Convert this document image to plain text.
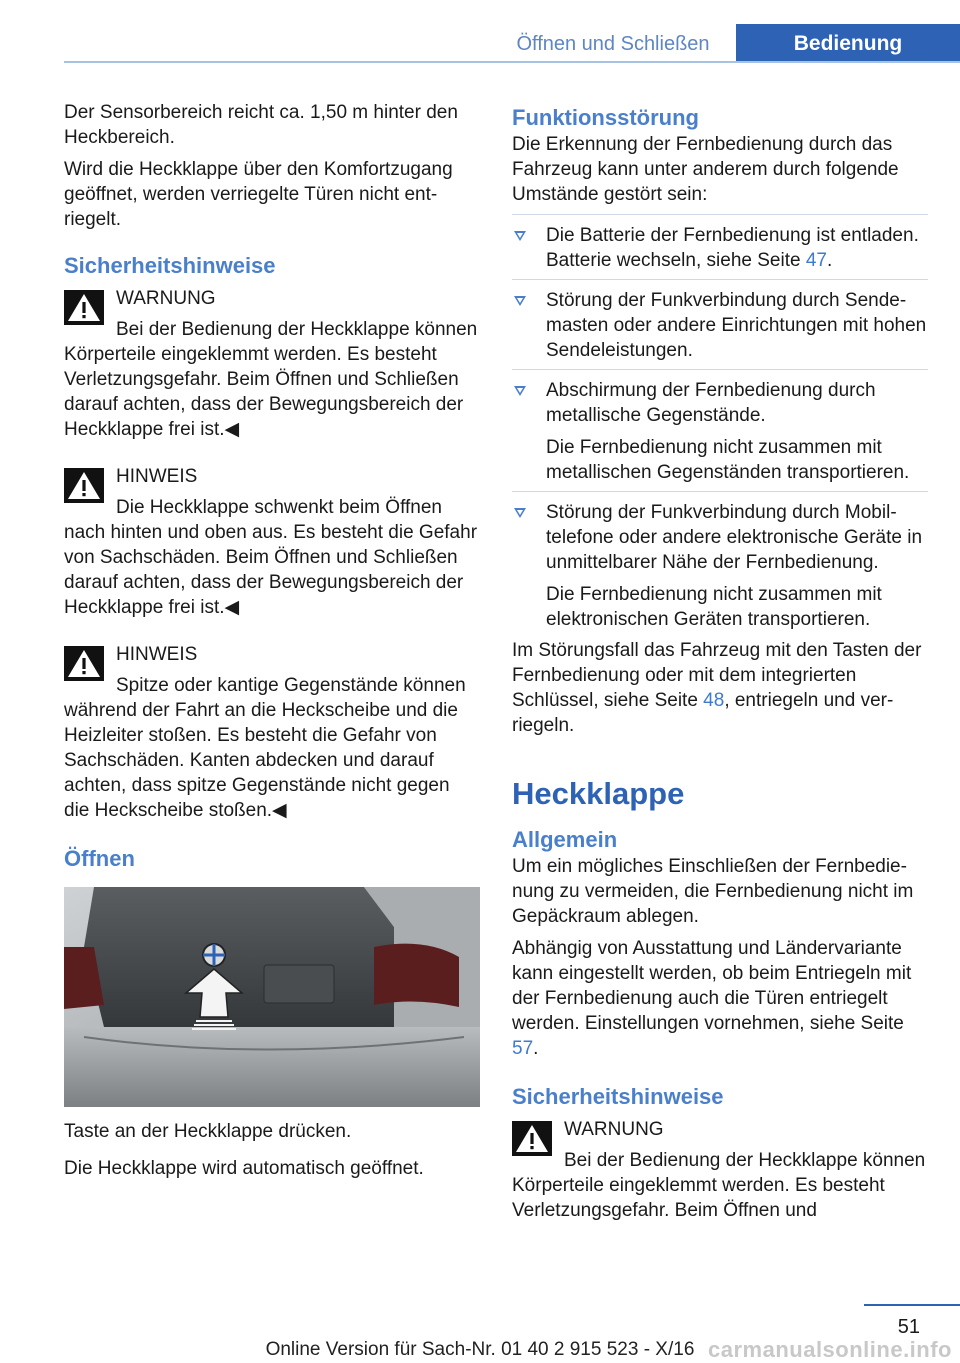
Öffnen und Schließen	Bedienung

Der Sensorbereich reicht ca. 1,50 m hinter den Heckbereich.

Wird die Heckklappe über den Komfortzugang geöffnet, werden verriegelte Türen nicht entriegelt.

Sicherheitshinweise

WARNUNG

Bei der Bedienung der Heckklappe können Körperteile eingeklemmt werden. Es besteht Verletzungsgefahr. Beim Öffnen und Schließen darauf achten, dass der Bewegungsbereich der Heckklappe frei ist.◀

HINWEIS

Die Heckklappe schwenkt beim Öffnen nach hinten und oben aus. Es besteht die Gefahr von Sachschäden. Beim Öffnen und Schließen darauf achten, dass der Bewegungsbereich der Heckklappe frei ist.◀

HINWEIS

Spitze oder kantige Gegenstände können während der Fahrt an die Heckscheibe und die Heizleiter stoßen. Es besteht die Gefahr von Sachschäden. Kanten abdecken und darauf achten, dass spitze Gegenstände nicht gegen die Heckscheibe stoßen.◀

Öffnen

Taste an der Heckklappe drücken.

Die Heckklappe wird automatisch geöffnet.

Funktionsstörung

Die Erkennung der Fernbedienung durch das Fahrzeug kann unter anderem durch folgende Umstände gestört sein:

Die Batterie der Fernbedienung ist entladen. Batterie wechseln, siehe Seite 47.
Störung der Funkverbindung durch Sendemasten oder andere Einrichtungen mit hohen Sendeleistungen.
Abschirmung der Fernbedienung durch metallische Gegenstände.

Die Fernbedienung nicht zusammen mit metallischen Gegenständen transportieren.

Störung der Funkverbindung durch Mobiltelefone oder andere elektronische Geräte in unmittelbarer Nähe der Fernbedienung.

Die Fernbedienung nicht zusammen mit elektronischen Geräten transportieren.

Im Störungsfall das Fahrzeug mit den Tasten der Fernbedienung oder mit dem integrierten Schlüssel, siehe Seite 48, entriegeln und verriegeln.

Heckklappe
Allgemein

Um ein mögliches Einschließen der Fernbedienung zu vermeiden, die Fernbedienung nicht im Gepäckraum ablegen.

Abhängig von Ausstattung und Ländervariante kann eingestellt werden, ob beim Entriegeln mit der Fernbedienung auch die Türen entriegelt werden. Einstellungen vornehmen, siehe Seite 57.

Sicherheitshinweise

WARNUNG

Bei der Bedienung der Heckklappe können Körperteile eingeklemmt werden. Es besteht Verletzungsgefahr. Beim Öffnen und

51
Online Version für Sach-Nr. 01 40 2 915 523 - X/16 carmanualsonline.info
